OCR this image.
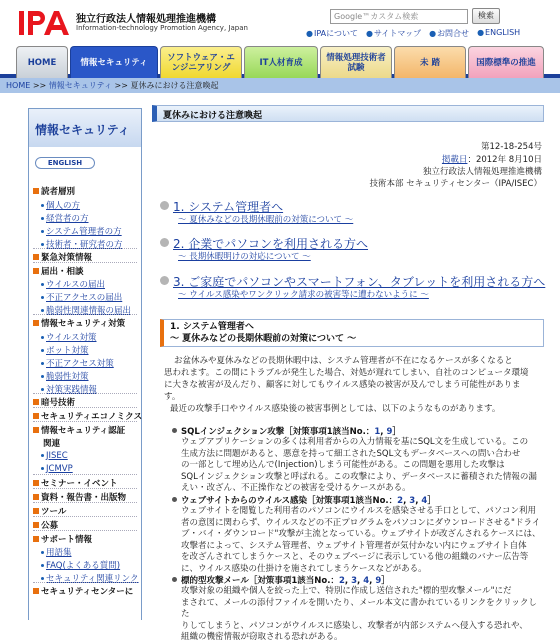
独立行政法人情報処理推進機構
Information-technology Promotion Agency, Japan
Google™カスタム検索	検索
●IPAについて ●サイトマップ ●お問合せ ●ENGLISH
HOME	情報セキュリティ	ソフトウェア・エンジニアリング	IT人材育成	情報処理技術者試験	未 踏	国際標準の推進
HOME >> 情報セキュリティ >> 夏休みにおける注意喚起
情報セキュリティ
ENGLISH
読者層別
個人の方
経営者の方
システム管理者の方
技術者・研究者の方
緊急対策情報
届出・相談
ウイルスの届出
不正アクセスの届出
脆弱性関連情報の届出
情報セキュリティ対策
ウイルス対策
ボット対策
不正アクセス対策
脆弱性対策
対策実践情報
暗号技術
セキュリティエコノミクス
情報セキュリティ認証
関連
JISEC
JCMVP
セミナー・イベント
資料・報告書・出版物
ツール
公募
サポート情報
用語集
FAQ(よくある質問)
セキュリティ関連リンク
セキュリティセンターに
夏休みにおける注意喚起
第12-18-254号
掲載日：2012年 8月10日
独立行政法人情報処理推進機構
技術本部 セキュリティセンター（IPA/ISEC）
1. システム管理者へ
～ 夏休みなどの長期休暇前の対策について ～
2. 企業でパソコンを利用される方へ
～ 長期休暇明けの対応について ～
3. ご家庭でパソコンやスマートフォン、タブレットを利用される方へ
～ ウイルス感染やワンクリック請求の被害等に遭わないように ～
1. システム管理者へ
～ 夏休みなどの長期休暇前の対策について ～
お盆休みや夏休みなどの長期休暇中は、システム管理者が不在になるケースが多くなると
思われます。この間にトラブルが発生した場合、対処が遅れてしまい、自社のコンピュータ環境
に大きな被害が及んだり、顧客に対してもウイルス感染の被害が及んでしまう可能性がありま
す。
最近の攻撃手口やウイルス感染後の被害事例としては、以下のようなものがあります。
SQLインジェクション攻撃［対策事項1該当No.：1, 9］
ウェブアプリケーションの多くは利用者からの入力情報を基にSQL文を生成している。この
生成方法に問題があると、悪意を持って細工されたSQL文もデータベースへの問い合わせ
の一部として埋め込んで(Injection)しまう可能性がある。この問題を悪用した攻撃は
SQLインジェクション攻撃と呼ばれる。この攻撃により、データベースに蓄積された情報の漏
えい・改ざん、不正操作などの被害を受けるケースがある。
ウェブサイトからのウイルス感染［対策事項1該当No.：2, 3, 4］
ウェブサイトを閲覧した利用者のパソコンにウイルスを感染させる手口として、パソコン利用
者の意図に関わらず、ウイルスなどの不正プログラムをパソコンにダウンロードさせる"ドライ
ブ・バイ・ダウンロード"攻撃が主流となっている。ウェブサイトが改ざんされるケースには、
攻撃者によって、システム管理者、ウェブサイト管理者が気付かない内にウェブサイト自体
を改ざんされてしまうケースと、そのウェブページに表示している他の組織のバナー広告等
に、ウイルス感染の仕掛けを施されてしまうケースなどがある。
標的型攻撃メール［対策事項1該当No.：2, 3, 4, 9］
攻撃対象の組織や個人を絞った上で、特別に作成し送信された"標的型攻撃メール"にだ
まされて、メールの添付ファイルを開いたり、メール本文に書かれているリンクをクリックした
りしてしまうと、パソコンがウイルスに感染し、攻撃者が内部システムへ侵入する恐れや、
組織の機密情報が窃取される恐れがある。
